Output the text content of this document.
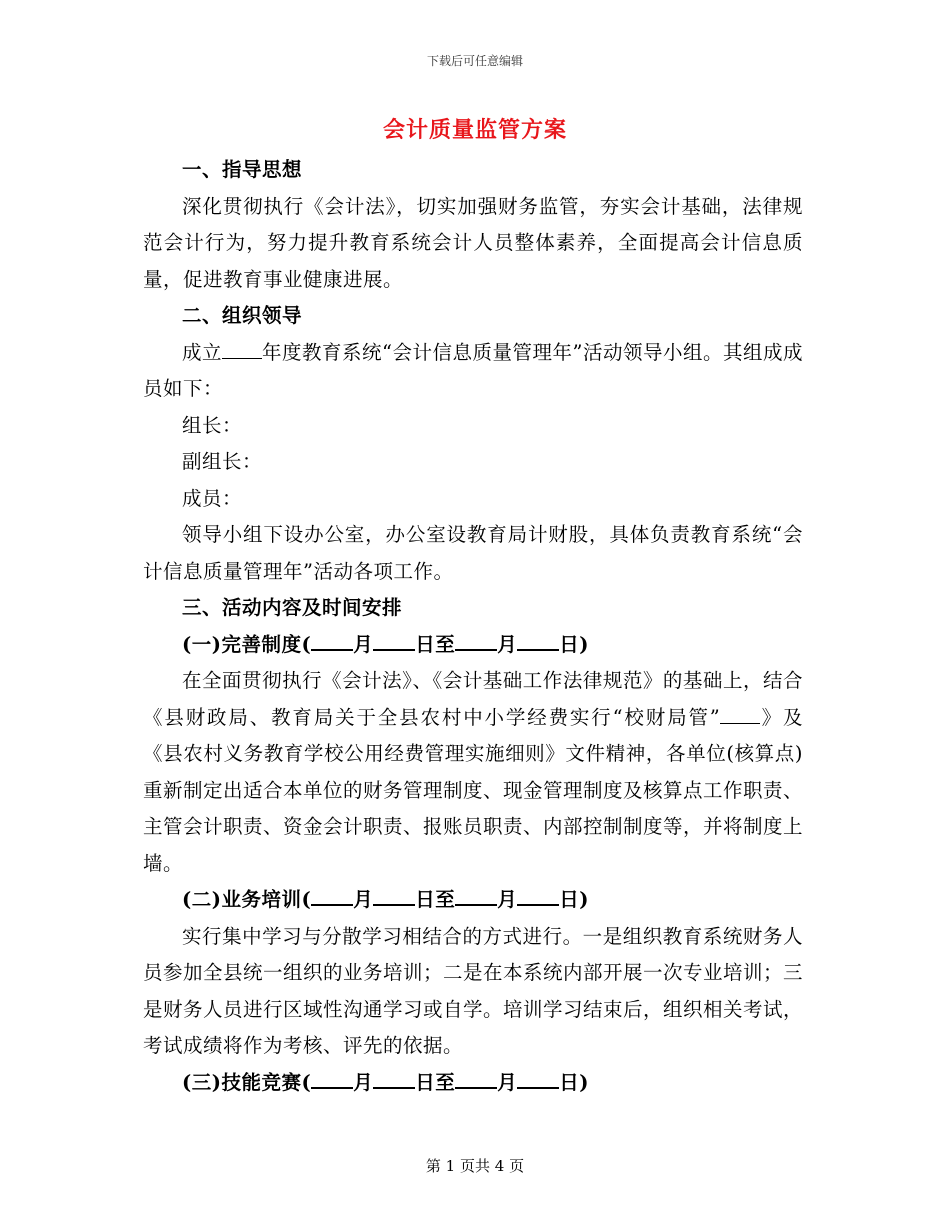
下载后可任意编辑
会计质量监管方案
一、指导思想
深化贯彻执行《会计法》，切实加强财务监管，夯实会计基础，法律规范会计行为，努力提升教育系统会计人员整体素养，全面提高会计信息质量，促进教育事业健康进展。
二、组织领导
成立 年度教育系统“会计信息质量管理年”活动领导小组。其组成成员如下：
组长：
副组长：
成员：
领导小组下设办公室，办公室设教育局计财股，具体负责教育系统“会计信息质量管理年”活动各项工作。
三、活动内容及时间安排
(一)完善制度( 月 日至 月 日)
在全面贯彻执行《会计法》、《会计基础工作法律规范》的基础上，结合《县财政局、教育局关于全县农村中小学经费实行“校财局管” 》及《县农村义务教育学校公用经费管理实施细则》文件精神，各单位(核算点)重新制定出适合本单位的财务管理制度、现金管理制度及核算点工作职责、主管会计职责、资金会计职责、报账员职责、内部控制制度等，并将制度上墙。
(二)业务培训( 月 日至 月 日)
实行集中学习与分散学习相结合的方式进行。一是组织教育系统财务人员参加全县统一组织的业务培训；二是在本系统内部开展一次专业培训；三是财务人员进行区域性沟通学习或自学。培训学习结束后，组织相关考试，考试成绩将作为考核、评先的依据。
(三)技能竞赛( 月 日至 月 日)
第 1 页共 4 页
